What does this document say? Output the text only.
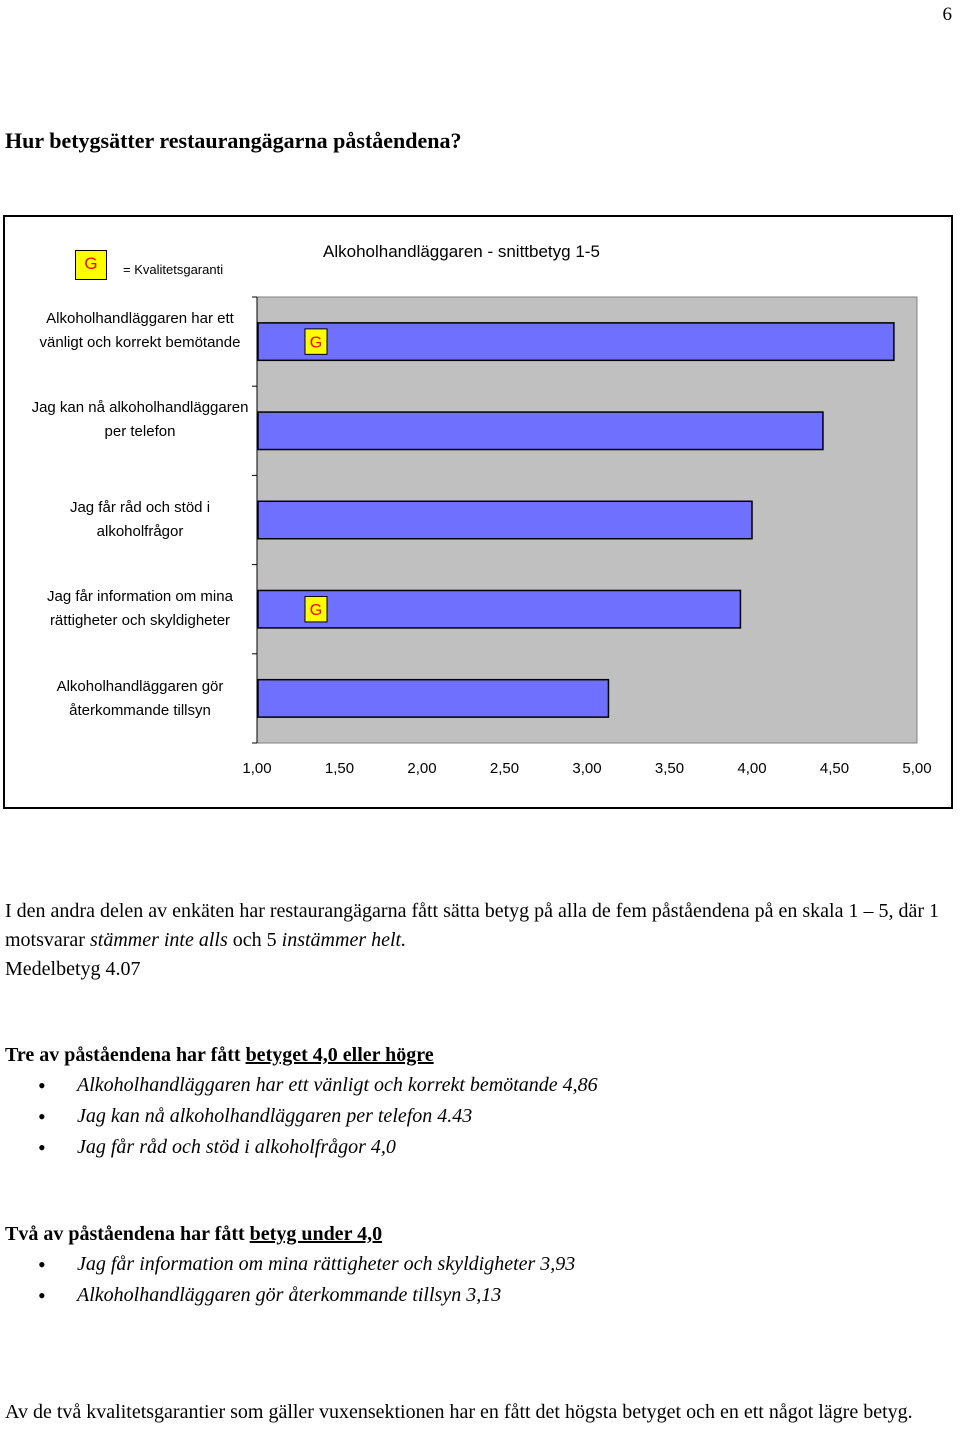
6
Hur betygsätter restaurangägarna påståendena?
G
G
G	= Kvalitetsgaranti
Alkoholhandläggaren - snittbetyg 1-5
Alkoholhandläggaren har ett vänligt och korrekt bemötande
Jag kan nå alkoholhandläggaren per telefon
Jag får råd och stöd i alkoholfrågor
Jag får information om mina rättigheter och skyldigheter
Alkoholhandläggaren gör återkommande tillsyn
1,00	1,50	2,00	2,50	3,00	3,50	4,00	4,50	5,00

I den andra delen av enkäten har restaurangägarna fått sätta betyg på alla de fem påståendena på en skala 1 – 5, där 1 motsvarar stämmer inte alls och 5 instämmer helt.
Medelbetyg 4.07

Tre av påståendena har fått betyget 4,0 eller högre

• Alkoholhandläggaren har ett vänligt och korrekt bemötande 4,86
• Jag kan nå alkoholhandläggaren per telefon 4.43
• Jag får råd och stöd i alkoholfrågor 4,0

Två av påståendena har fått betyg under 4,0

• Jag får information om mina rättigheter och skyldigheter 3,93
• Alkoholhandläggaren gör återkommande tillsyn 3,13

Av de två kvalitetsgarantier som gäller vuxensektionen har en fått det högsta betyget och en ett något lägre betyg.
